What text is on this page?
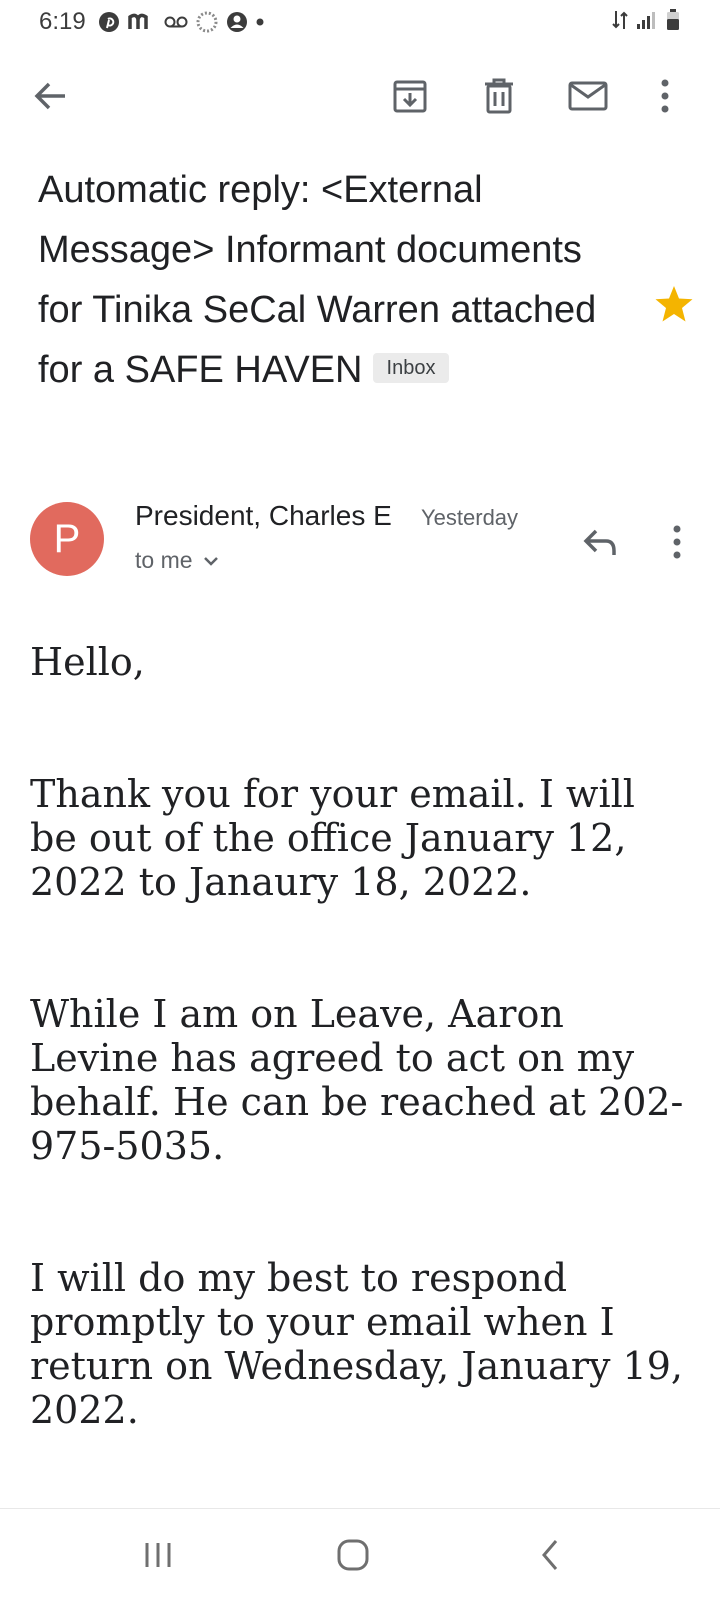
6:19
Automatic reply: <External Message> Informant documents for Tinika SeCal Warren attached for a SAFE HAVEN Inbox
P
President, Charles E Yesterday
to me

Hello,

Thank you for your email. I will be out of the office January 12, 2022 to Janaury 18, 2022.

While I am on Leave, Aaron Levine has agreed to act on my behalf. He can be reached at 202-975-5035.

I will do my best to respond promptly to your email when I return on Wednesday, January 19, 2022.
